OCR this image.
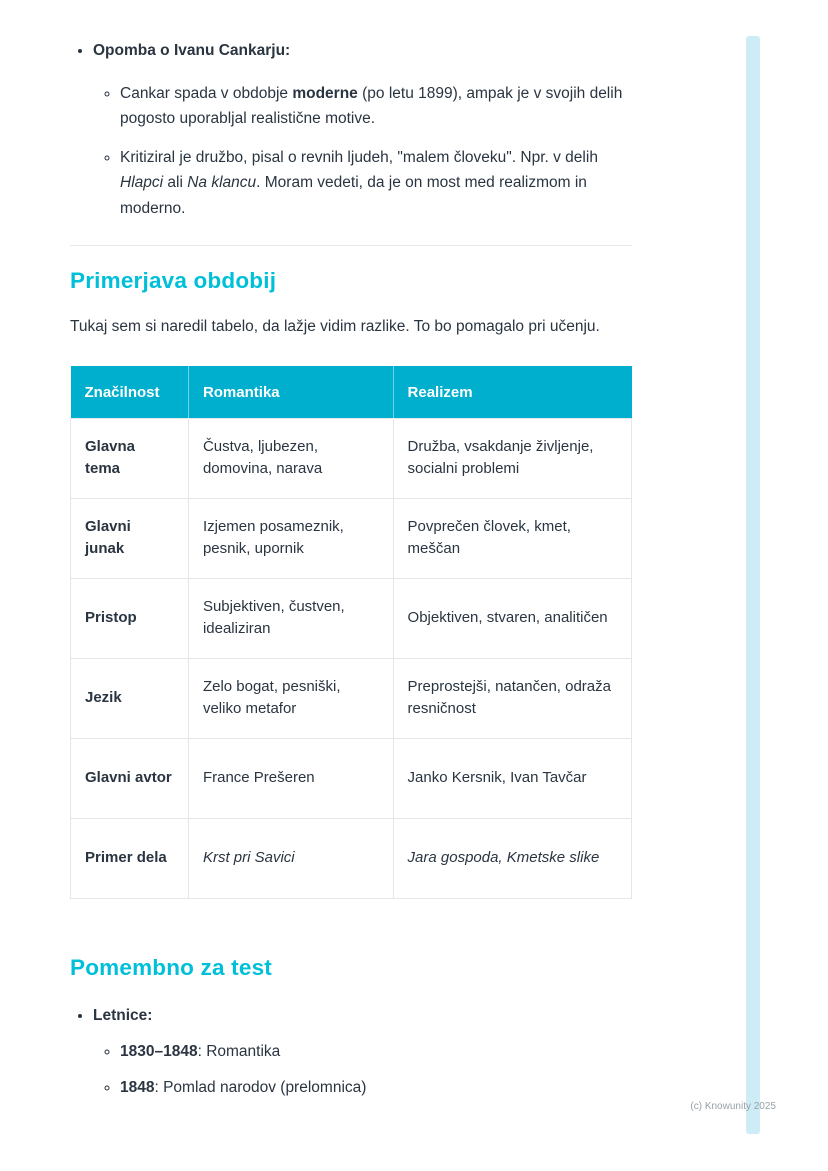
• Opomba o Ivanu Cankarju:
◦ Cankar spada v obdobje moderne (po letu 1899), ampak je v svojih delih pogosto uporabljal realistične motive.
◦ Kritiziral je družbo, pisal o revnih ljudeh, "malem človeku". Npr. v delih Hlapci ali Na klancu. Moram vedeti, da je on most med realizmom in moderno.
Primerjava obdobij

Tukaj sem si naredil tabelo, da lažje vidim razlike. To bo pomagalo pri učenju.

Značilnost	Romantika	Realizem
Glavna tema	Čustva, ljubezen, domovina, narava	Družba, vsakdanje življenje, socialni problemi
Glavni junak	Izjemen posameznik, pesnik, upornik	Povprečen človek, kmet, meščan
Pristop	Subjektiven, čustven, idealiziran	Objektiven, stvaren, analitičen
Jezik	Zelo bogat, pesniški, veliko metafor	Preprostejši, natančen, odraža resničnost
Glavni avtor	France Prešeren	Janko Kersnik, Ivan Tavčar
Primer dela	Krst pri Savici	Jara gospoda, Kmetske slike
Pomembno za test
• Letnice:
◦ 1830–1848: Romantika
◦ 1848: Pomlad narodov (prelomnica)
(c) Knowunity 2025
